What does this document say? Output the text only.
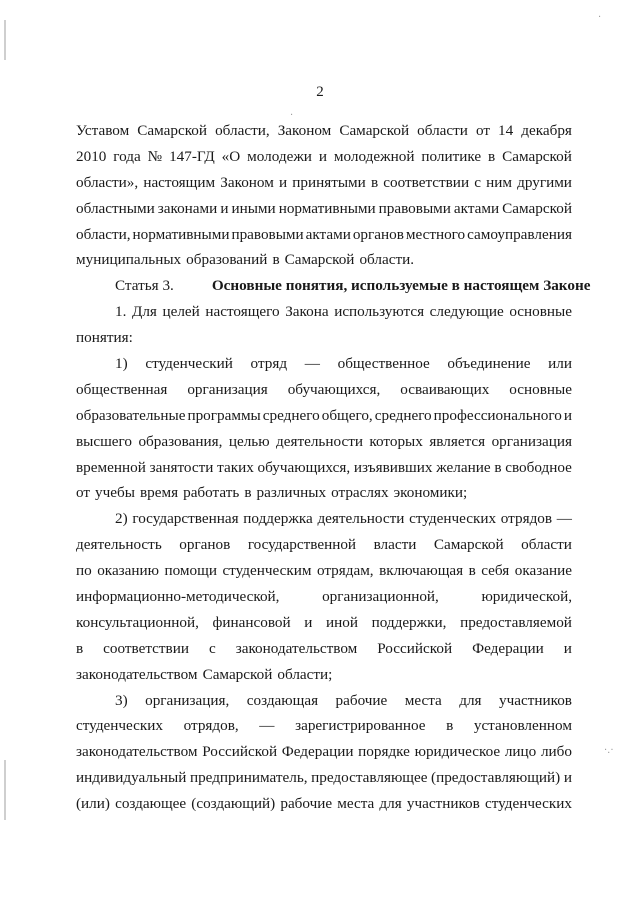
2
Уставом Самарской области, Законом Самарской области от 14 декабря
2010 года № 147-ГД «О молодежи и молодежной политике в Самарской
области», настоящим Законом и принятыми в соответствии с ним другими
областными законами и иными нормативными правовыми актами Самарской
области, нормативными правовыми актами органов местного самоуправления
муниципальных образований в Самарской области.
Статья 3.	Основные понятия, используемые в настоящем Законе
1. Для целей настоящего Закона используются следующие основные
понятия:
1) студенческий отряд — общественное объединение или
общественная организация обучающихся, осваивающих основные
образовательные программы среднего общего, среднего профессионального и
высшего образования, целью деятельности которых является организация
временной занятости таких обучающихся, изъявивших желание в свободное
от учебы время работать в различных отраслях экономики;
2) государственная поддержка деятельности студенческих отрядов —
деятельность органов государственной власти Самарской области
по оказанию помощи студенческим отрядам, включающая в себя оказание
информационно-методической,	организационной,	юридической,
консультационной, финансовой и иной поддержки, предоставляемой
в соответствии с законодательством Российской Федерации и
законодательством Самарской области;
3) организация, создающая рабочие места для участников
студенческих отрядов, — зарегистрированное в установленном
законодательством Российской Федерации порядке юридическое лицо либо
индивидуальный предприниматель, предоставляющее (предоставляющий) и
(или) создающее (создающий) рабочие места для участников студенческих
·
·.·
·
